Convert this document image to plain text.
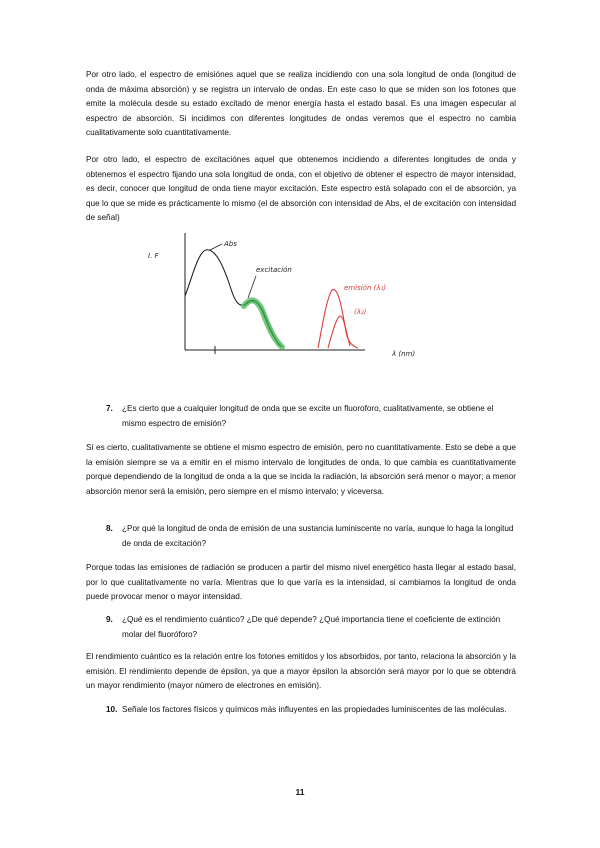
Por otro lado, el espectro de emisiónes aquel que se realiza incidiendo con una sola longitud de onda (longitud de onda de máxima absorción) y se registra un intervalo de ondas. En este caso lo que se miden son los fotones que emite la molécula desde su estado excitado de menor energía hasta el estado basal. Es una imagen especular al espectro de absorción. Si incidimos con diferentes longitudes de ondas veremos que el espectro no cambia cualitativamente solo cuantitativamente.
Por otro lado, el espectro de excitaciónes aquel que obtenemos incidiendo a diferentes longitudes de onda y obtenemos el espectro fijando una sola longitud de onda, con el objetivo de obtener el espectro de mayor intensidad, es decir, conocer que longitud de onda tiene mayor excitación. Este espectro está solapado con el de absorción, ya que lo que se mide es prácticamente lo mismo (el de absorción con intensidad de Abs, el de excitación con intensidad de señal)
I. F
Abs
excitación
emisión (λ₁)
(λ₂)
λ (nm)
7.	¿Es cierto que a cualquier longitud de onda que se excite un fluoroforo, cualitativamente, se obtiene el mismo espectro de emisión?
Sí es cierto, cualitativamente se obtiene el mismo espectro de emisión, pero no cuantitativamente. Esto se debe a que la emisión siempre se va a emitir en el mismo intervalo de longitudes de onda, lo que cambia es cuantitativamente porque dependiendo de la longitud de onda a la que se incida la radiación, la absorción será menor o mayor; a menor absorción menor será la emisión, pero siempre en el mismo intervalo; y viceversa.
8.	¿Por qué la longitud de onda de emisión de una sustancia luminiscente no varía, aunque lo haga la longitud de onda de excitación?
Porque todas las emisiones de radiación se producen a partir del mismo nivel energético hasta llegar al estado basal, por lo que cualitativamente no varía. Mientras que lo que varía es la intensidad, si cambiamos la longitud de onda puede provocar menor o mayor intensidad.
9.	¿Qué es el rendimiento cuántico? ¿De qué depende? ¿Qué importancia tiene el coeficiente de extinción molar del fluoróforo?
El rendimiento cuántico es la relación entre los fotones emitidos y los absorbidos, por tanto, relaciona la absorción y la emisión. El rendimiento depende de épsilon, ya que a mayor épsilon la absorción será mayor por lo que se obtendrá un mayor rendimiento (mayor número de electrones en emisión).
10. Señale los factores físicos y químicos más influyentes en las propiedades luminiscentes de las moléculas.
11
